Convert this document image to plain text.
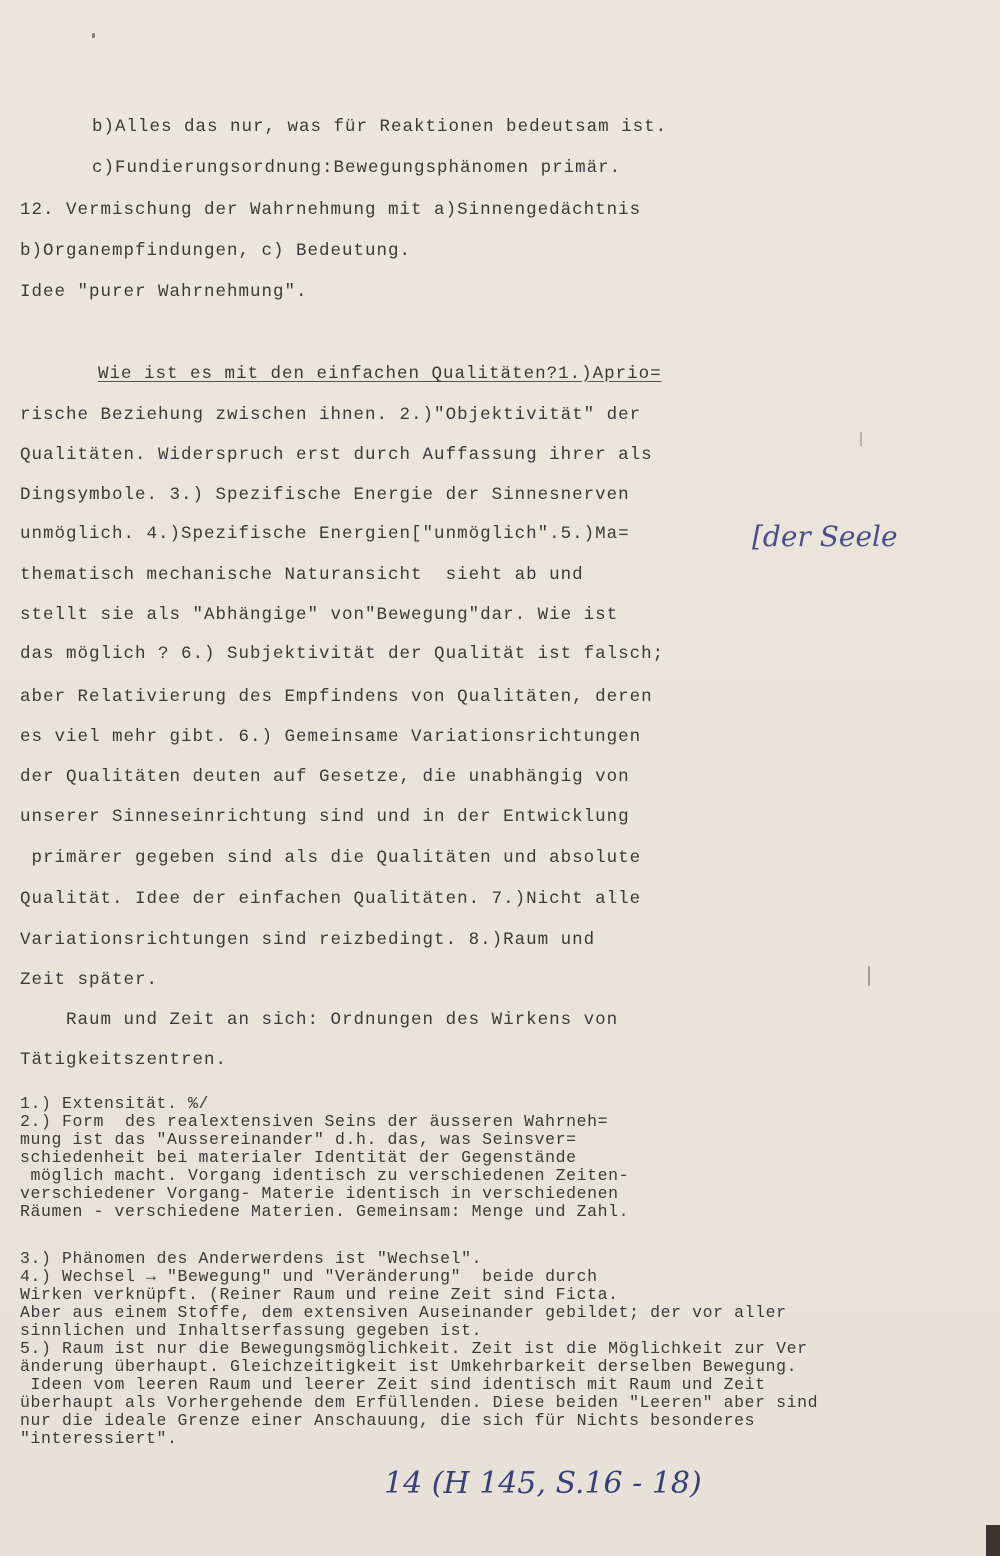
b)Alles das nur, was für Reaktionen bedeutsam ist.
c)Fundierungsordnung:Bewegungsphänomen primär.
12. Vermischung der Wahrnehmung mit a)Sinnengedächtnis
b)Organempfindungen, c) Bedeutung.
Idee "purer Wahrnehmung".
Wie ist es mit den einfachen Qualitäten?1.)Aprio=
rische Beziehung zwischen ihnen. 2.)"Objektivität" der
Qualitäten. Widerspruch erst durch Auffassung ihrer als
Dingsymbole. 3.) Spezifische Energie der Sinnesnerven
unmöglich. 4.)Spezifische Energien["unmöglich".5.)Ma=
thematisch mechanische Naturansicht  sieht ab und
stellt sie als "Abhängige" von"Bewegung"dar. Wie ist
das möglich ? 6.) Subjektivität der Qualität ist falsch;
aber Relativierung des Empfindens von Qualitäten, deren
es viel mehr gibt. 6.) Gemeinsame Variationsrichtungen
der Qualitäten deuten auf Gesetze, die unabhängig von
unserer Sinneseinrichtung sind und in der Entwicklung
primärer gegeben sind als die Qualitäten und absolute
Qualität. Idee der einfachen Qualitäten. 7.)Nicht alle
Variationsrichtungen sind reizbedingt. 8.)Raum und
Zeit später.
Raum und Zeit an sich: Ordnungen des Wirkens von
Tätigkeitszentren.
1.) Extensität. %/
2.) Form  des realextensiven Seins der äusseren Wahrneh=
mung ist das "Aussereinander" d.h. das, was Seinsver=
schiedenheit bei materialer Identität der Gegenstände
möglich macht. Vorgang identisch zu verschiedenen Zeiten-
verschiedener Vorgang- Materie identisch in verschiedenen
Räumen - verschiedene Materien. Gemeinsam: Menge und Zahl.
3.) Phänomen des Anderwerdens ist "Wechsel".
4.) Wechsel → "Bewegung" und "Veränderung"  beide durch
Wirken verknüpft. (Reiner Raum und reine Zeit sind Ficta.
Aber aus einem Stoffe, dem extensiven Auseinander gebildet; der vor aller
sinnlichen und Inhaltserfassung gegeben ist.
5.) Raum ist nur die Bewegungsmöglichkeit. Zeit ist die Möglichkeit zur Ver
änderung überhaupt. Gleichzeitigkeit ist Umkehrbarkeit derselben Bewegung.
Ideen vom leeren Raum und leerer Zeit sind identisch mit Raum und Zeit
überhaupt als Vorhergehende dem Erfüllenden. Diese beiden "Leeren" aber sind
nur die ideale Grenze einer Anschauung, die sich für Nichts besonderes
"interessiert".
[der Seele
14 (H 145, S.16 - 18)
